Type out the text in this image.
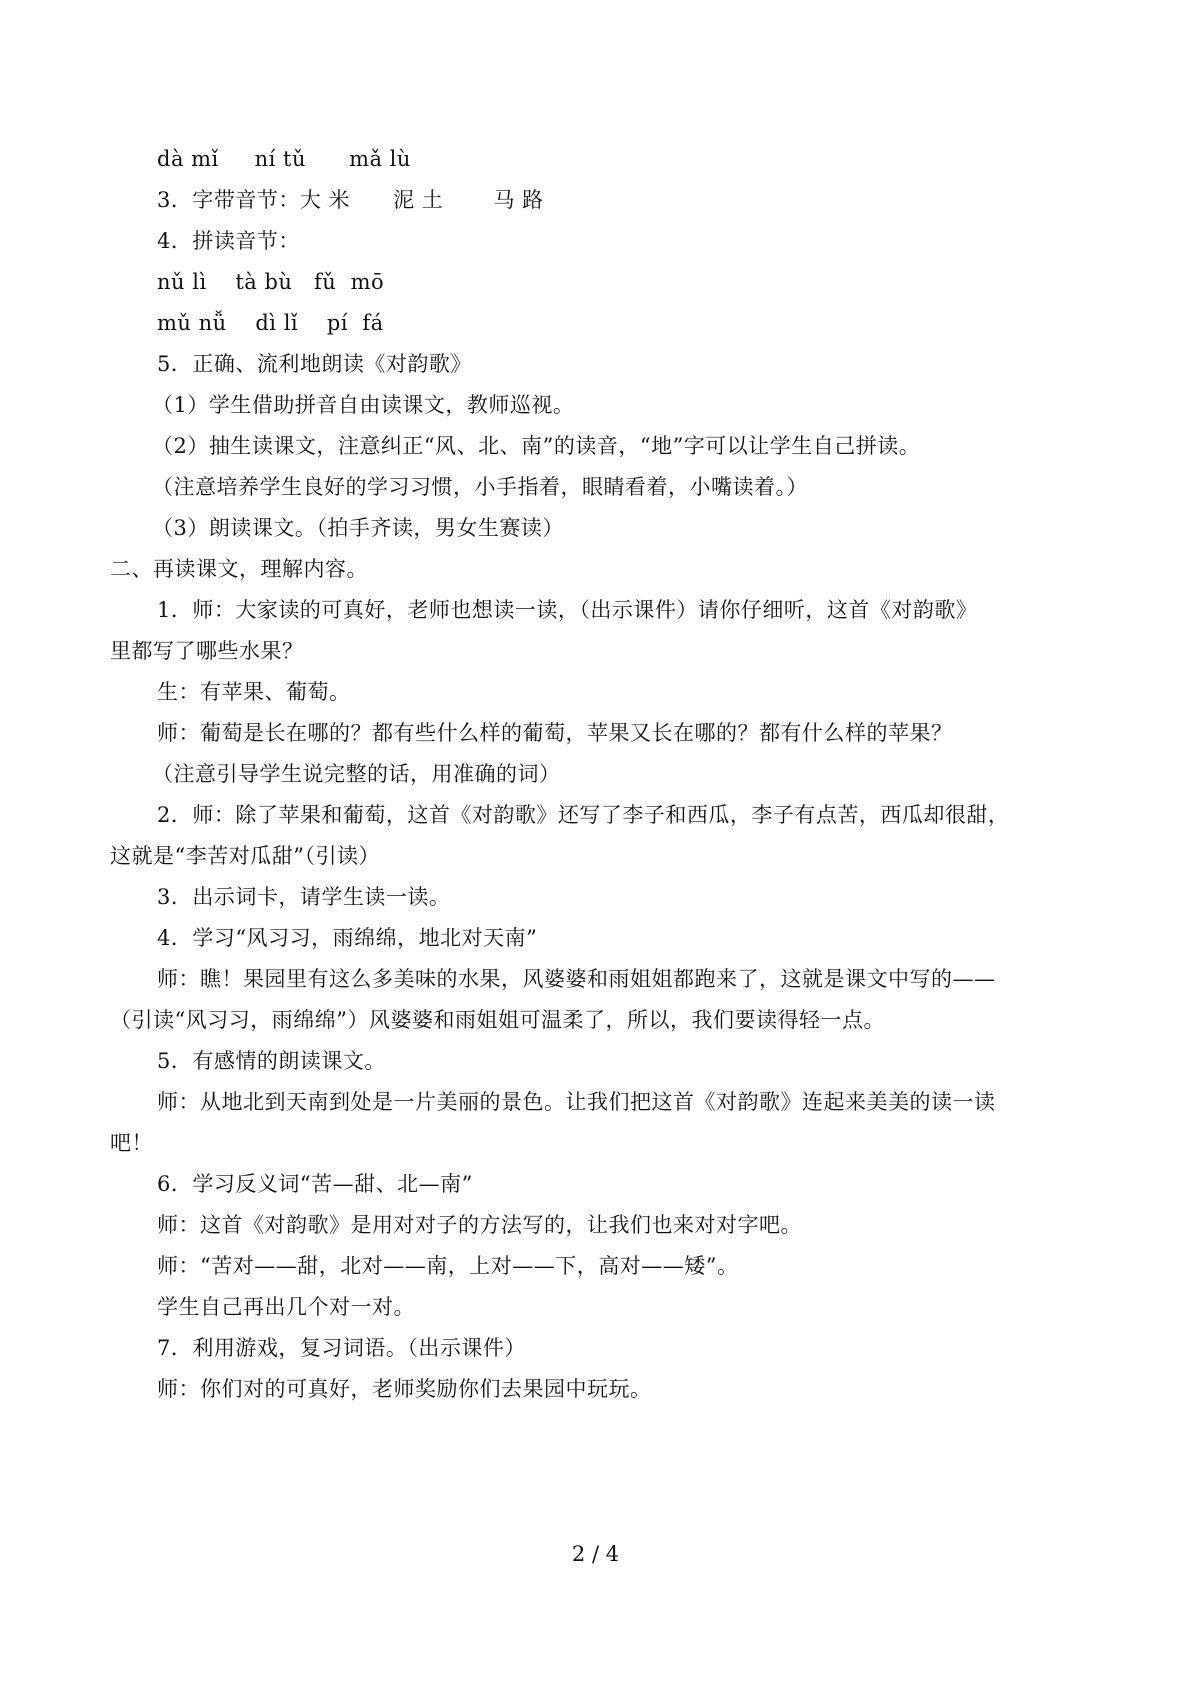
dà mǐ     ní tǔ      mǎ lù
3．字带音节：大 米      泥 土       马 路
4．拼读音节：
nǔ lì    tà bù   fǔ  mō
mǔ nǚ    dì lǐ    pí  fá
5．正确、流利地朗读《对韵歌》
（1）学生借助拼音自由读课文，教师巡视。
（2）抽生读课文，注意纠正“风、北、南”的读音，“地”字可以让学生自己拼读。
（注意培养学生良好的学习习惯，小手指着，眼睛看着，小嘴读着。）
（3）朗读课文。（拍手齐读，男女生赛读）
二、再读课文，理解内容。
1．师：大家读的可真好，老师也想读一读，（出示课件）请你仔细听，这首《对韵歌》
里都写了哪些水果？
生：有苹果、葡萄。
师：葡萄是长在哪的？都有些什么样的葡萄，苹果又长在哪的？都有什么样的苹果？
（注意引导学生说完整的话，用准确的词）
2．师：除了苹果和葡萄，这首《对韵歌》还写了李子和西瓜，李子有点苦，西瓜却很甜，
这就是“李苦对瓜甜”（引读）
3．出示词卡，请学生读一读。
4．学习“风习习，雨绵绵，地北对天南”
师：瞧！果园里有这么多美味的水果，风婆婆和雨姐姐都跑来了，这就是课文中写的——
（引读“风习习，雨绵绵”）风婆婆和雨姐姐可温柔了，所以，我们要读得轻一点。
5．有感情的朗读课文。
师：从地北到天南到处是一片美丽的景色。让我们把这首《对韵歌》连起来美美的读一读
吧！
6．学习反义词“苦—甜、北—南”
师：这首《对韵歌》是用对对子的方法写的，让我们也来对对字吧。
师：“苦对——甜，北对——南，上对——下，高对——矮”。
学生自己再出几个对一对。
7．利用游戏，复习词语。（出示课件）
师：你们对的可真好，老师奖励你们去果园中玩玩。
2 / 4
